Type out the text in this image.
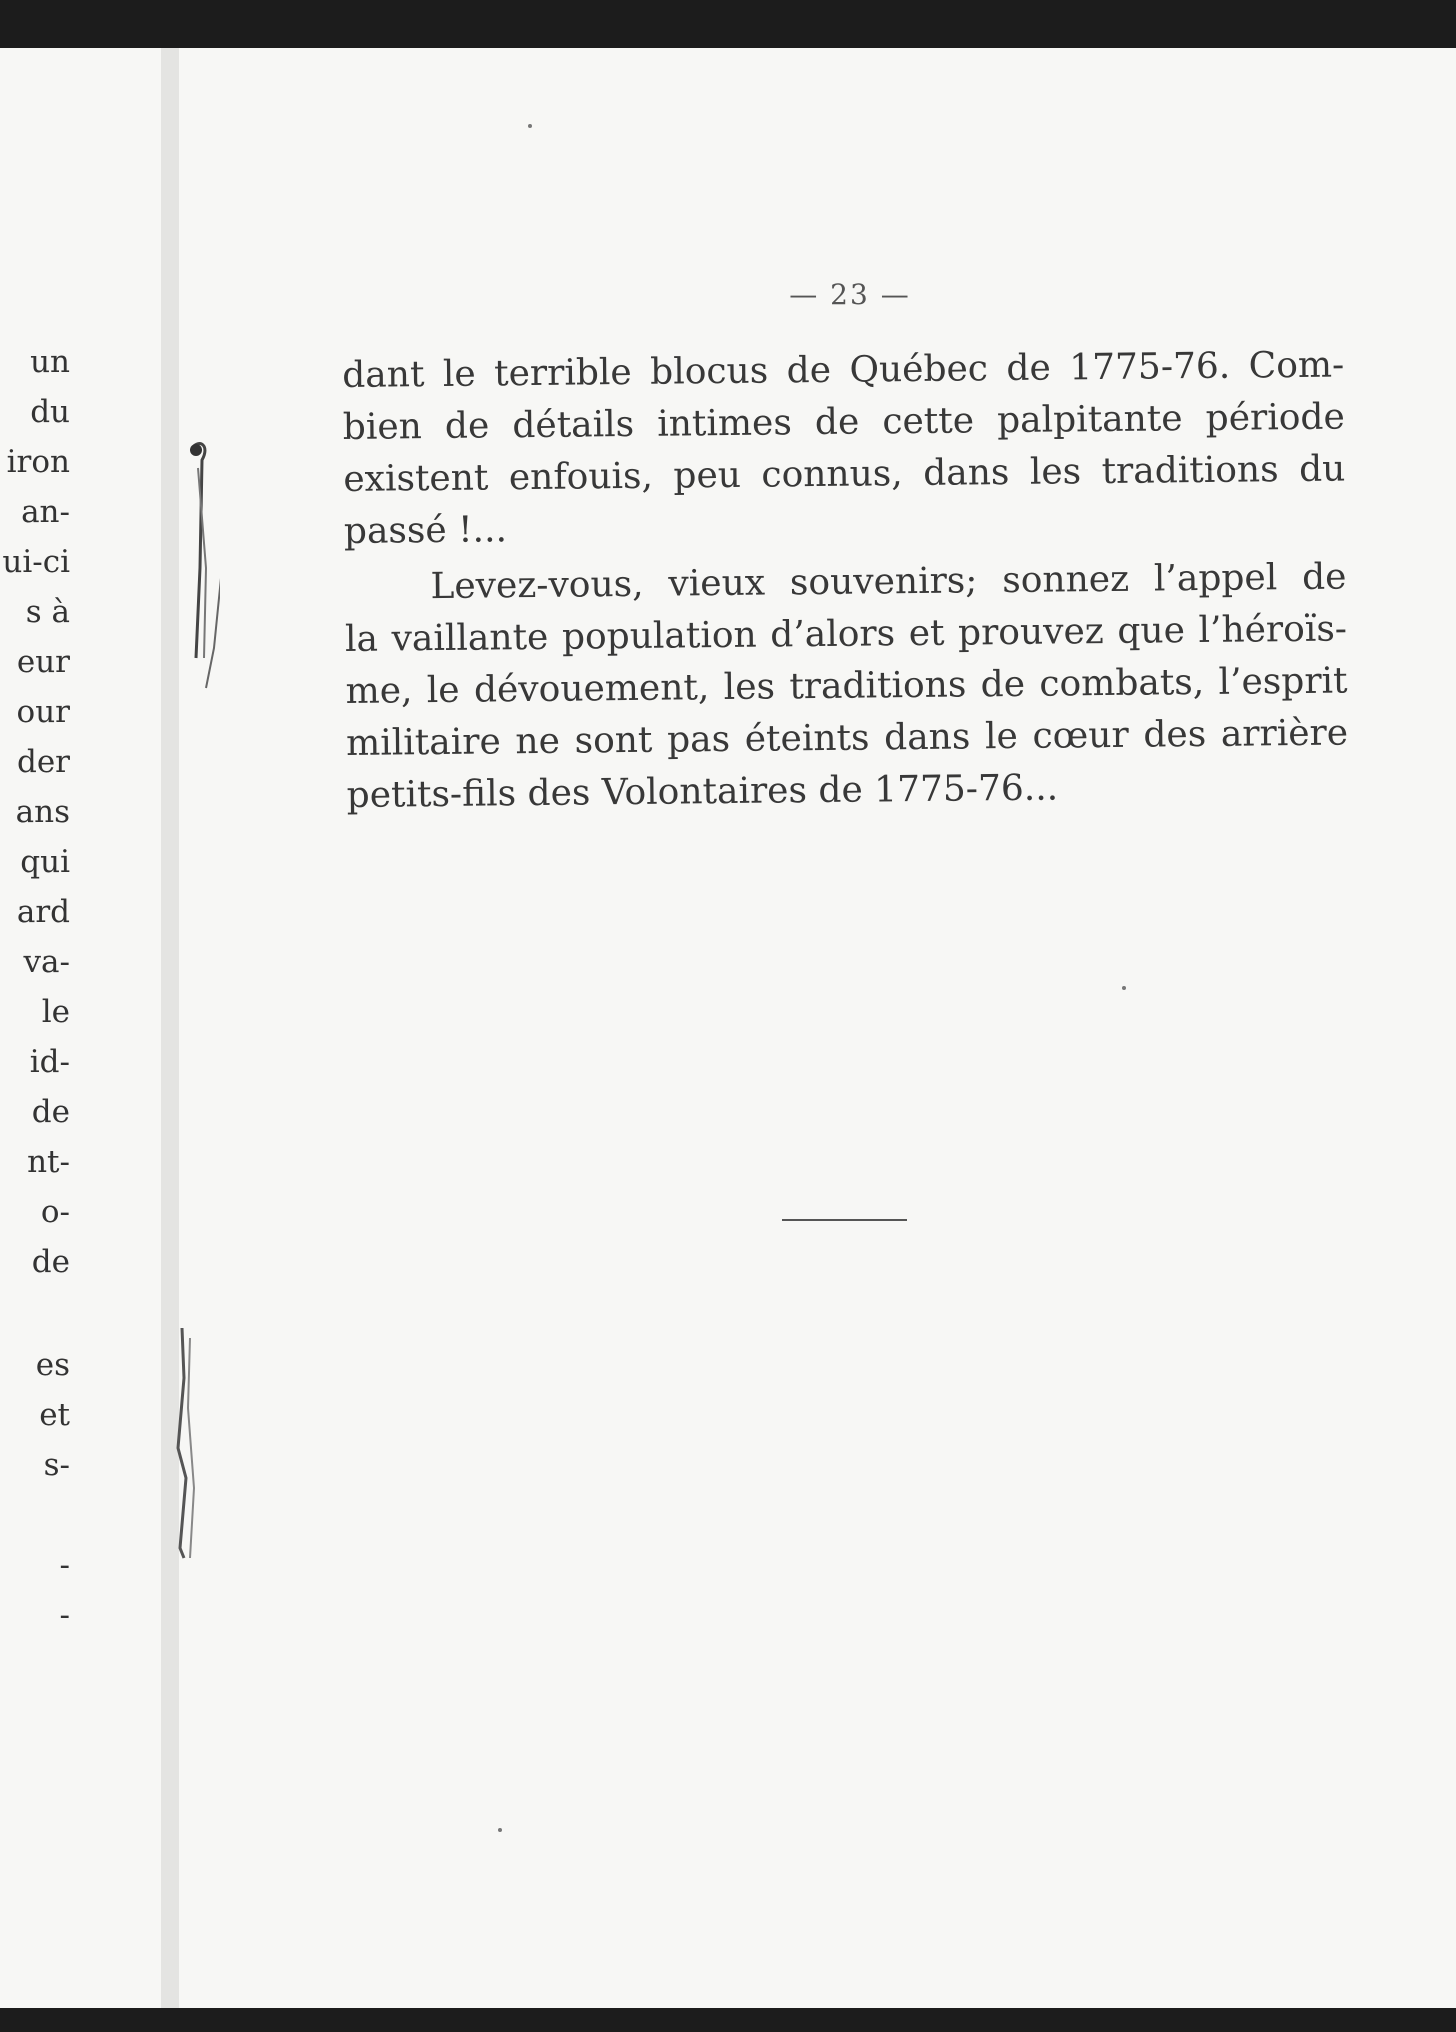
un
du
iron
an-
ui-ci
s à
eur
our
der
ans
qui
ard
va-
le
id-
de
nt-
o-
de
es
et
s-
-
-
— 23 —
dant le terrible blocus de Québec de 1775-76. Com-
bien de détails intimes de cette palpitante période
existent enfouis, peu connus, dans les traditions du
passé !...
Levez-vous, vieux souvenirs; sonnez l’appel de
la vaillante population d’alors et prouvez que l’héroïs-
me, le dévouement, les traditions de combats, l’esprit
militaire ne sont pas éteints dans le cœur des arrière
petits-fils des Volontaires de 1775-76...
